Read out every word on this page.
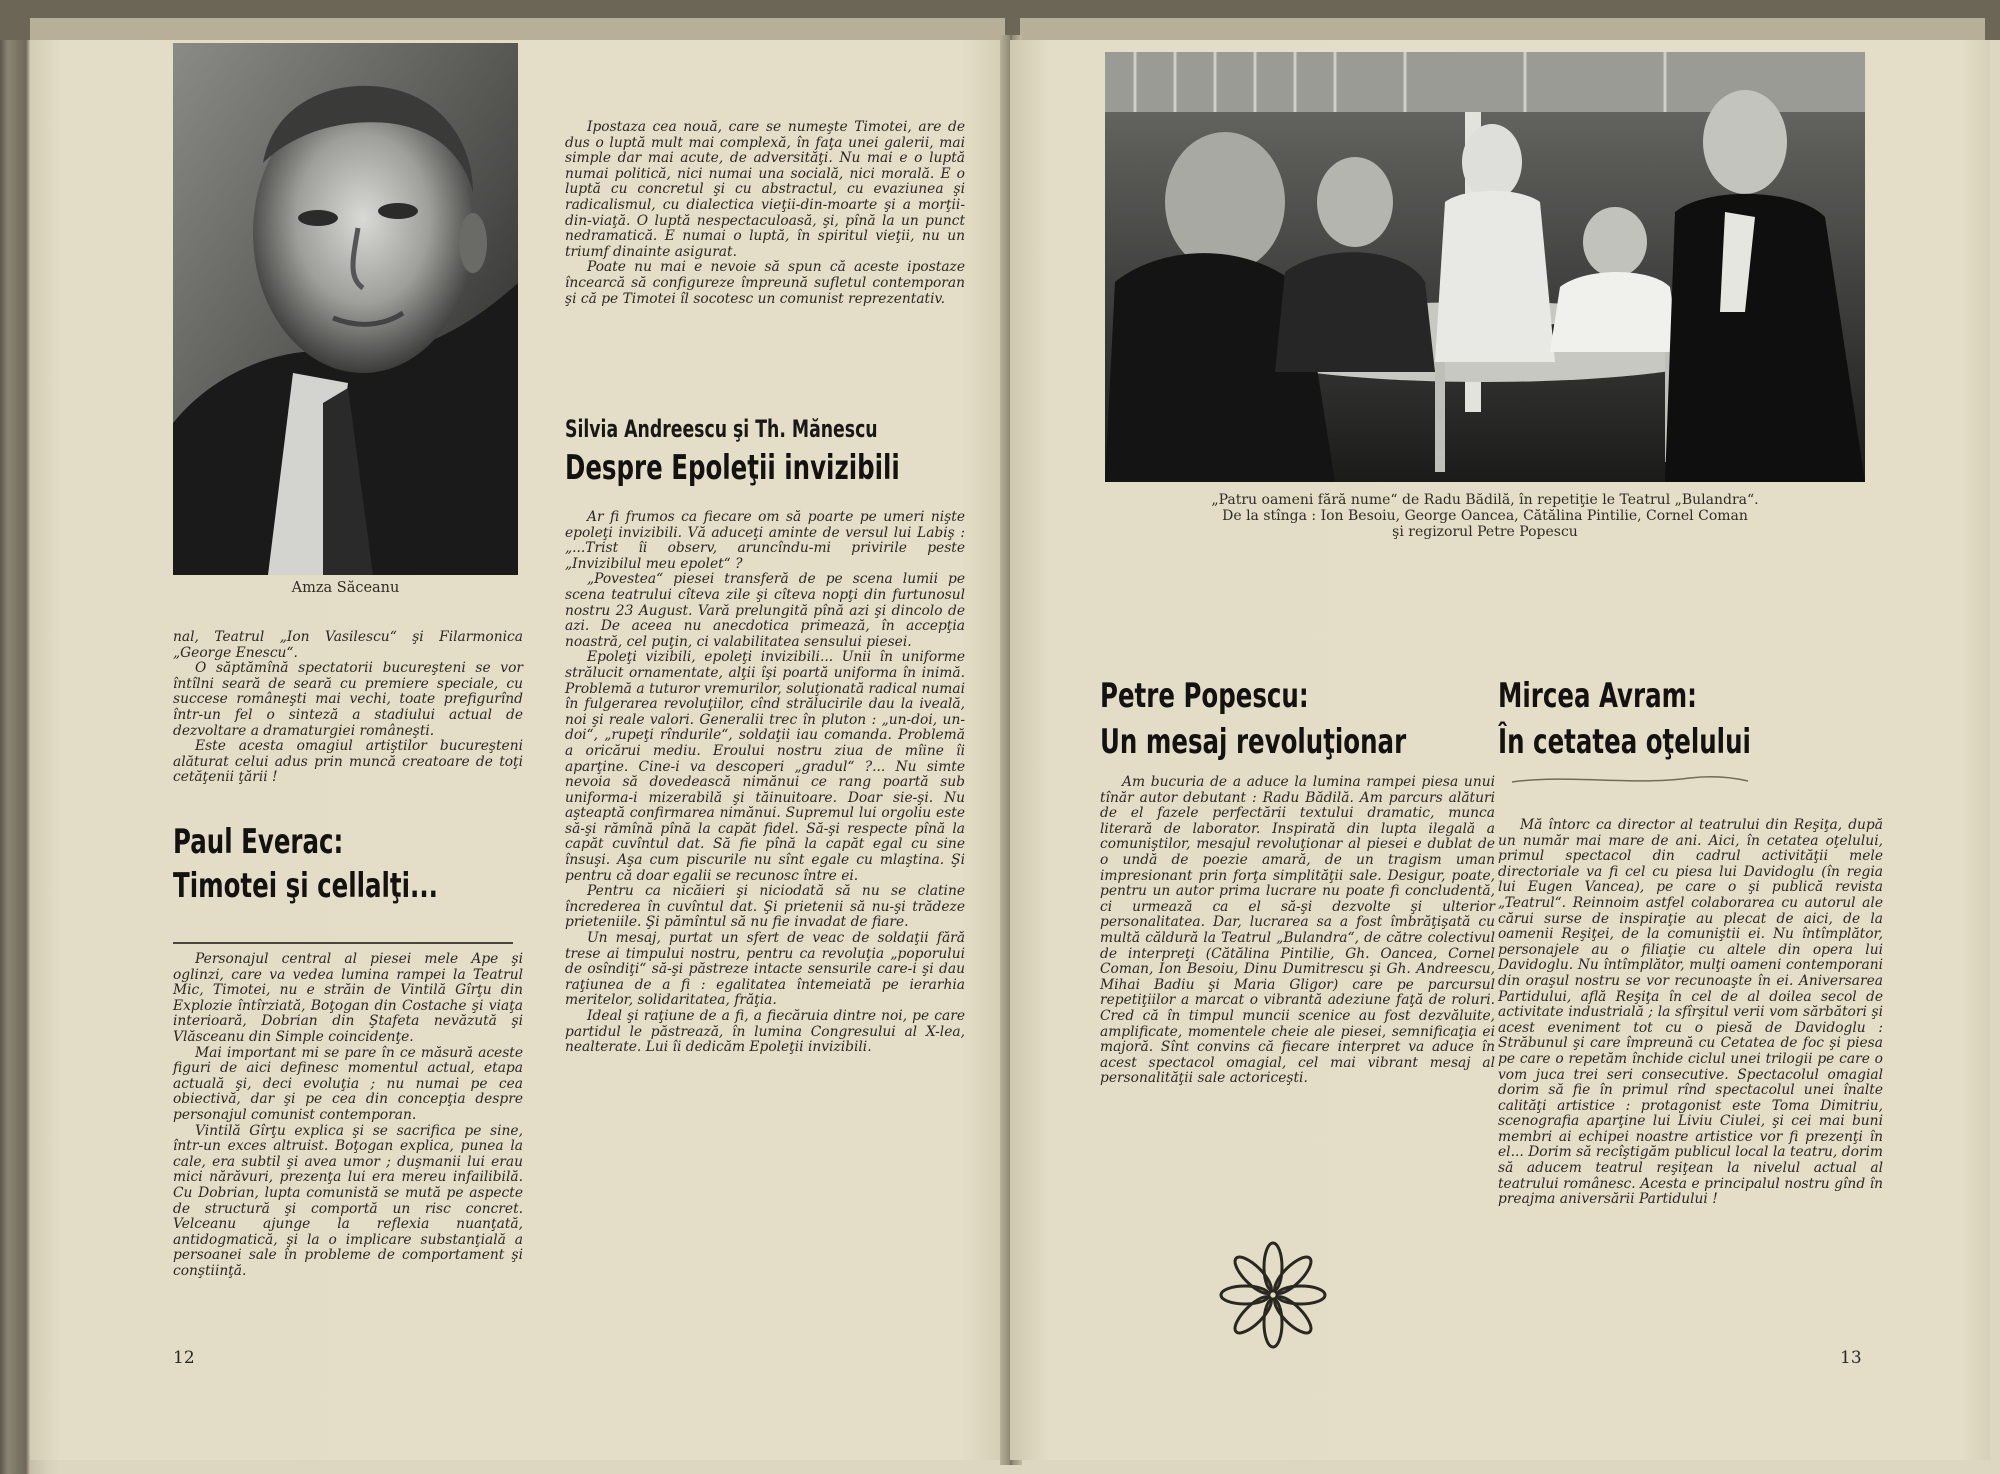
Amza Săceanu

nal, Teatrul „Ion Vasilescu“ şi Filarmonica „George Enescu“.

O săptămînă spectatorii bucureşteni se vor întîlni seară de seară cu premiere speciale, cu succese româneşti mai vechi, toate prefigurînd într-un fel o sinteză a stadiului actual de dezvoltare a dramaturgiei româneşti.

Este acesta omagiul artiştilor bucureşteni alăturat celui adus prin muncă creatoare de toţi cetăţenii ţării !

Paul Everac:
Timotei şi cellalţi...

Personajul central al piesei mele Ape şi oglinzi, care va vedea lumina rampei la Teatrul Mic, Timotei, nu e străin de Vintilă Gîrţu din Explozie întîrziată, Boţogan din Costache şi viaţa interioară, Dobrian din Ştafeta nevăzută şi Vlăsceanu din Simple coincidenţe.

Mai important mi se pare în ce măsură aceste figuri de aici definesc momentul actual, etapa actuală şi, deci evoluţia ; nu numai pe cea obiectivă, dar şi pe cea din concepţia despre personajul comunist contemporan.

Vintilă Gîrţu explica şi se sacrifica pe sine, într-un exces altruist. Boţogan explica, punea la cale, era subtil şi avea umor ; duşmanii lui erau mici nărăvuri, prezenţa lui era mereu infailibilă. Cu Dobrian, lupta comunistă se mută pe aspecte de structură şi comportă un risc concret. Velceanu ajunge la reflexia nuanţată, antidogmatică, şi la o implicare substanţială a persoanei sale în probleme de comportament şi conştiinţă.

Ipostaza cea nouă, care se numeşte Timotei, are de dus o luptă mult mai complexă, în faţa unei galerii, mai simple dar mai acute, de adversităţi. Nu mai e o luptă numai politică, nici numai una socială, nici morală. E o luptă cu concretul şi cu abstractul, cu evaziunea şi radicalismul, cu dialectica vieţii-din-moarte şi a morţii-din-viaţă. O luptă nespectaculoasă, şi, pînă la un punct nedramatică. E numai o luptă, în spiritul vieţii, nu un triumf dinainte asigurat.

Poate nu mai e nevoie să spun că aceste ipostaze încearcă să configureze împreună sufletul contemporan şi că pe Timotei îl socotesc un comunist reprezentativ.

Silvia Andreescu şi Th. Mănescu
Despre Epoleţii invizibili

Ar fi frumos ca fiecare om să poarte pe umeri nişte epoleţi invizibili. Vă aduceţi aminte de versul lui Labiş : „...Trist îi observ, aruncîndu-mi privirile peste „Invizibilul meu epolet“ ?

„Povestea“ piesei transferă de pe scena lumii pe scena teatrului cîteva zile şi cîteva nopţi din furtunosul nostru 23 August. Vară prelungită pînă azi şi dincolo de azi. De aceea nu anecdotica primează, în accepţia noastră, cel puţin, ci valabilitatea sensului piesei.

Epoleţi vizibili, epoleţi invizibili... Unii în uniforme strălucit ornamentate, alţii îşi poartă uniforma în inimă. Problemă a tuturor vremurilor, soluţionată radical numai în fulgerarea revoluţiilor, cînd strălucirile dau la iveală, noi şi reale valori. Generalii trec în pluton : „un-doi, un-doi“, „rupeţi rîndurile“, soldaţii iau comanda. Problemă a oricărui mediu. Eroului nostru ziua de mîine îi aparţine. Cine-i va descoperi „gradul“ ?... Nu simte nevoia să dovedească nimănui ce rang poartă sub uniforma-i mizerabilă şi tăinuitoare. Doar sie-şi. Nu aşteaptă confirmarea nimănui. Supremul lui orgoliu este să-şi rămînă pînă la capăt fidel. Să-şi respecte pînă la capăt cuvîntul dat. Să fie pînă la capăt egal cu sine însuşi. Aşa cum piscurile nu sînt egale cu mlaştina. Şi pentru că doar egalii se recunosc între ei.

Pentru ca nicăieri şi niciodată să nu se clatine încrederea în cuvîntul dat. Şi prietenii să nu-şi trădeze prieteniile. Şi pămîntul să nu fie invadat de fiare.

Un mesaj, purtat un sfert de veac de soldaţii fără trese ai timpului nostru, pentru ca revoluţia „poporului de osîndiţi“ să-şi păstreze intacte sensurile care-i şi dau raţiunea de a fi : egalitatea întemeiată pe ierarhia meritelor, solidaritatea, frăţia.

Ideal şi raţiune de a fi, a fiecăruia dintre noi, pe care partidul le păstrează, în lumina Congresului al X-lea, nealterate. Lui îi dedicăm Epoleţii invizibili.

12
„Patru oameni fără nume“ de Radu Bădilă, în repetiţie le Teatrul „Bulandra“.
De la stînga : Ion Besoiu, George Oancea, Cătălina Pintilie, Cornel Coman
şi regizorul Petre Popescu
Petre Popescu:
Un mesaj revoluţionar

Am bucuria de a aduce la lumina rampei piesa unui tînăr autor debutant : Radu Bădilă. Am parcurs alături de el fazele perfectării textului dramatic, munca literară de laborator. Inspirată din lupta ilegală a comuniştilor, mesajul revoluţionar al piesei e dublat de o undă de poezie amară, de un tragism uman impresionant prin forţa simplităţii sale. Desigur, poate, pentru un autor prima lucrare nu poate fi concludentă, ci urmează ca el să-şi dezvolte şi ulterior personalitatea. Dar, lucrarea sa a fost îmbrăţişată cu multă căldură la Teatrul „Bulandra“, de către colectivul de interpreţi (Cătălina Pintilie, Gh. Oancea, Cornel Coman, Ion Besoiu, Dinu Dumitrescu şi Gh. Andreescu, Mihai Badiu şi Maria Gligor) care pe parcursul repetiţiilor a marcat o vibrantă adeziune faţă de roluri. Cred că în timpul muncii scenice au fost dezvăluite, amplificate, momentele cheie ale piesei, semnificaţia ei majoră. Sînt convins că fiecare interpret va aduce în acest spectacol omagial, cel mai vibrant mesaj al personalităţii sale actoriceşti.

Mircea Avram:
În cetatea oţelului

Mă întorc ca director al teatrului din Reşiţa, după un număr mai mare de ani. Aici, în cetatea oţelului, primul spectacol din cadrul activităţii mele directoriale va fi cel cu piesa lui Davidoglu (în regia lui Eugen Vancea), pe care o şi publică revista „Teatrul“. Reinnoim astfel colaborarea cu autorul ale cărui surse de inspiraţie au plecat de aici, de la oamenii Reşiţei, de la comuniştii ei. Nu întîmplător, personajele au o filiaţie cu altele din opera lui Davidoglu. Nu întîmplător, mulţi oameni contemporani din oraşul nostru se vor recunoaşte în ei. Aniversarea Partidului, află Reşiţa în cel de al doilea secol de activitate industrială ; la sfîrşitul verii vom sărbători şi acest eveniment tot cu o piesă de Davidoglu : Străbunul şi care împreună cu Cetatea de foc şi piesa pe care o repetăm închide ciclul unei trilogii pe care o vom juca trei seri consecutive. Spectacolul omagial dorim să fie în primul rînd spectacolul unei înalte calităţi artistice : protagonist este Toma Dimitriu, scenografia aparţine lui Liviu Ciulei, şi cei mai buni membri ai echipei noastre artistice vor fi prezenţi în el... Dorim să recîştigăm publicul local la teatru, dorim să aducem teatrul reşiţean la nivelul actual al teatrului românesc. Acesta e principalul nostru gînd în preajma aniversării Partidului !

13
